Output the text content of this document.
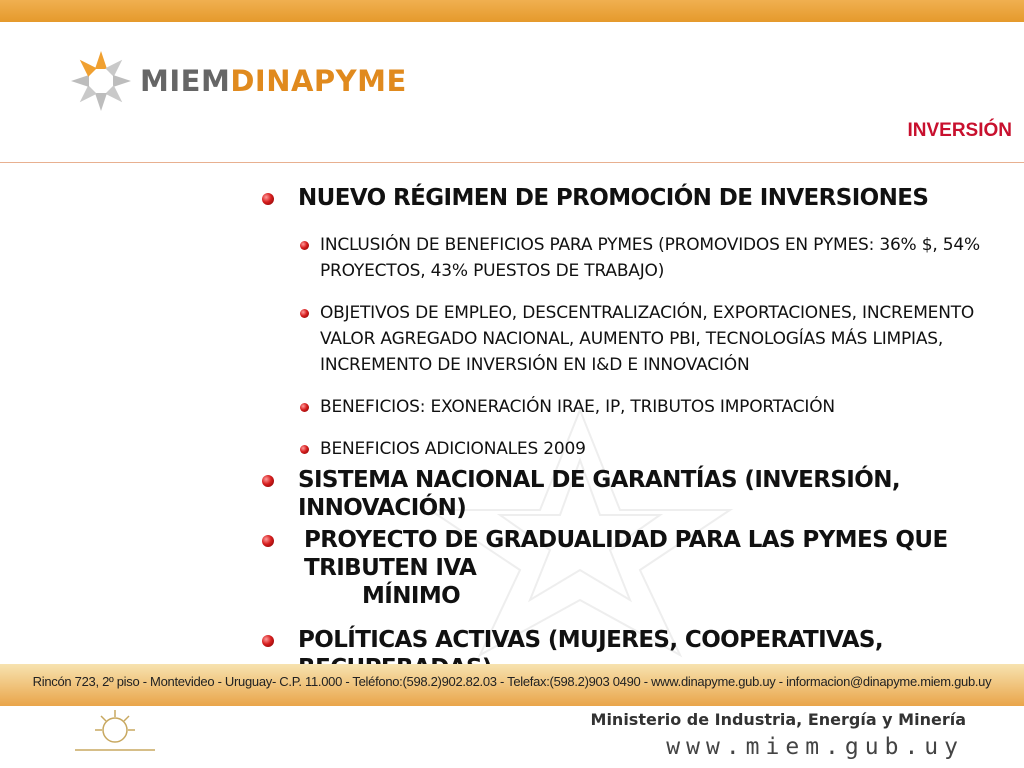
MIEMDINAPYME
INVERSIÓN
NUEVO RÉGIMEN DE PROMOCIÓN DE INVERSIONES
INCLUSIÓN DE BENEFICIOS PARA PYMES (PROMOVIDOS EN PYMES: 36% $, 54% PROYECTOS, 43% PUESTOS DE TRABAJO)
OBJETIVOS DE EMPLEO, DESCENTRALIZACIÓN, EXPORTACIONES, INCREMENTO VALOR AGREGADO NACIONAL, AUMENTO PBI, TECNOLOGÍAS MÁS LIMPIAS, INCREMENTO DE INVERSIÓN EN I&D E INNOVACIÓN
BENEFICIOS: EXONERACIÓN IRAE, IP, TRIBUTOS IMPORTACIÓN
BENEFICIOS ADICIONALES 2009
SISTEMA NACIONAL DE GARANTÍAS (INVERSIÓN, INNOVACIÓN)
PROYECTO DE GRADUALIDAD PARA LAS PYMES QUE TRIBUTEN IVA
MÍNIMO
POLÍTICAS ACTIVAS (MUJERES, COOPERATIVAS,
Rincón 723, 2º piso - Montevideo - Uruguay- C.P. 11.000 - Teléfono:(598.2)902.82.03 - Telefax:(598.2)903 0490 - www.dinapyme.gub.uy - informacion@dinapyme.miem.gub.uy
Ministerio de Industria, Energía y Minería
www.miem.gub.uy
